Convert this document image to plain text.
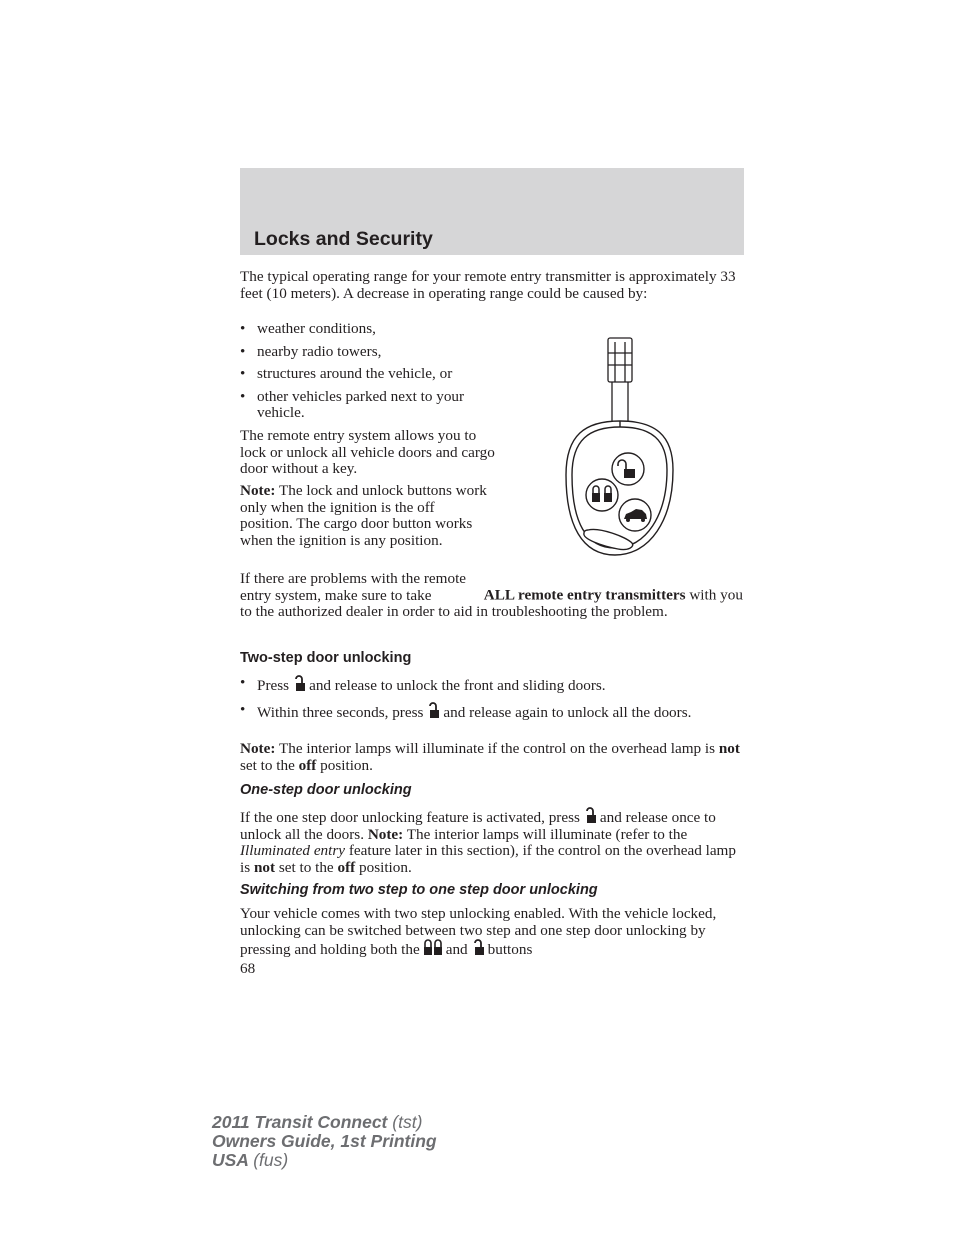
Locks and Security

The typical operating range for your remote entry transmitter is approximately 33 feet (10 meters). A decrease in operating range could be caused by:

• weather conditions,
• nearby radio towers,
• structures around the vehicle, or
• other vehicles parked next to your vehicle.

The remote entry system allows you to lock or unlock all vehicle doors and cargo door without a key.

Note: The lock and unlock buttons work only when the ignition is the off position. The cargo door button works when the ignition is any position.

If there are problems with the remote entry system, make sure to take	ALL remote entry transmitters with you to the authorized dealer in order to aid in troubleshooting the problem.

Two-step door unlocking
• Press and release to unlock the front and sliding doors.
• Within three seconds, press and release again to unlock all the doors.

Note: The interior lamps will illuminate if the control on the overhead lamp is not set to the off position.

One-step door unlocking

If the one step door unlocking feature is activated, press and release once to unlock all the doors. Note: The interior lamps will illuminate (refer to the Illuminated entry feature later in this section), if the control on the overhead lamp is not set to the off position.

Switching from two step to one step door unlocking

Your vehicle comes with two step unlocking enabled. With the vehicle locked, unlocking can be switched between two step and one step door unlocking by pressing and holding both the and buttons

68
2011 Transit Connect (tst)
Owners Guide, 1st Printing
USA (fus)
